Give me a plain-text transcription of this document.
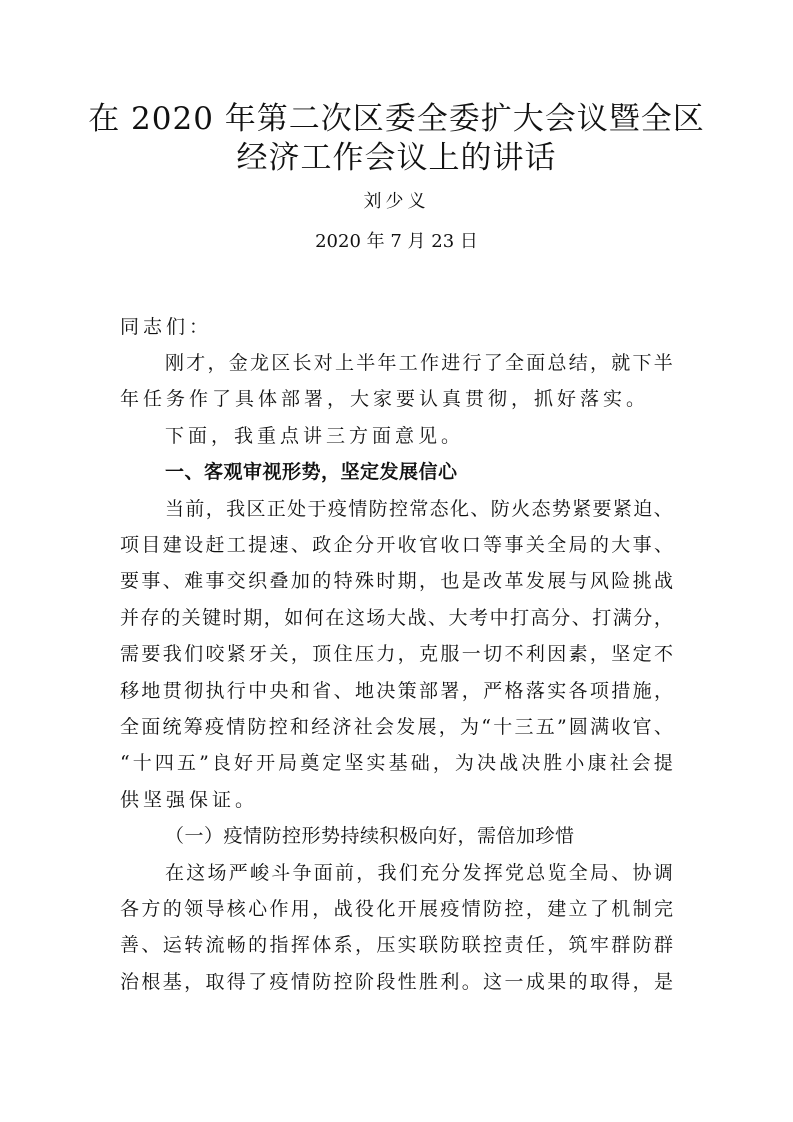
在 2020 年第二次区委全委扩大会议暨全区
经济工作会议上的讲话
刘少义
2020 年 7 月 23 日
同志们：
刚 才 ， 金 龙 区 长 对 上 半 年 工 作 进 行 了 全 面 总 结 ， 就 下 半
年任务作了具体部署，大家要认真贯彻，抓好落实。
下面，我重点讲三方面意见。
一、客观审视形势，坚定发展信心
当 前 ， 我 区 正 处 于 疫 情 防 控 常 态 化 、 防 火 态 势 紧 要 紧 迫 、
项 目 建 设 赶 工 提 速 、 政 企 分 开 收 官 收 口 等 事 关 全 局 的 大 事 、
要 事 、 难 事 交 织 叠 加 的 特 殊 时 期 ， 也 是 改 革 发 展 与 风 险 挑 战
并 存 的 关 键 时 期 ， 如 何 在 这 场 大 战 、 大 考 中 打 高 分 、 打 满 分 ，
需 要 我 们 咬 紧 牙 关 ， 顶 住 压 力 ， 克 服 一 切 不 利 因 素 ， 坚 定 不
移 地 贯 彻 执 行 中 央 和 省 、 地 决 策 部 署 ， 严 格 落 实 各 项 措 施 ，
全 面 统 筹 疫 情 防 控 和 经 济 社 会 发 展 ， 为 “ 十 三 五 ” 圆 满 收 官 、
“ 十 四 五 ” 良 好 开 局 奠 定 坚 实 基 础 ， 为 决 战 决 胜 小 康 社 会 提
供坚强保证。
（一）疫情防控形势持续积极向好，需倍加珍惜
在 这 场 严 峻 斗 争 面 前 ， 我 们 充 分 发 挥 党 总 览 全 局 、 协 调
各 方 的 领 导 核 心 作 用 ， 战 役 化 开 展 疫 情 防 控 ， 建 立 了 机 制 完
善 、 运 转 流 畅 的 指 挥 体 系 ， 压 实 联 防 联 控 责 任 ， 筑 牢 群 防 群
治 根 基 ， 取 得 了 疫 情 防 控 阶 段 性 胜 利 。 这 一 成 果 的 取 得 ， 是
